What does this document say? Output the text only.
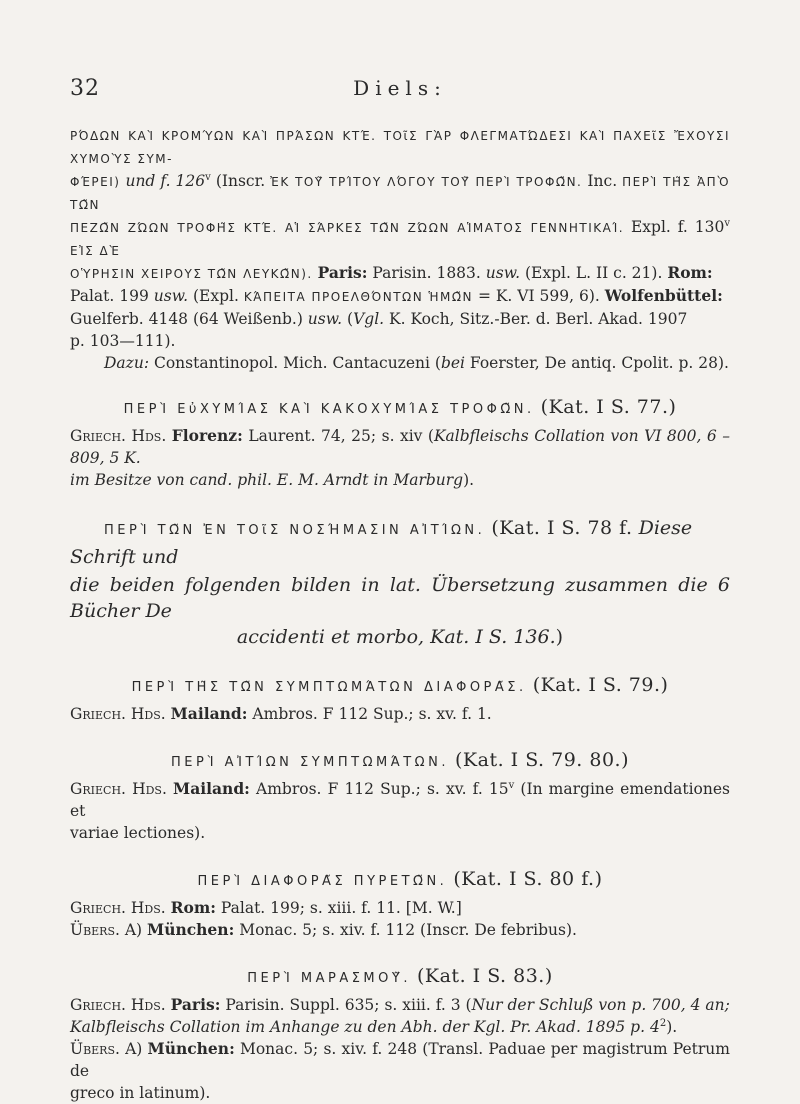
32	Diels:

ΡΌΔΩΝ ΚΑῚ ΚΡΟΜΎΩΝ ΚΑῚ ΠΡΆΣΩΝ ΚΤΈ. ΤΟῖΣ ΓᾺΡ ΦΛΕΓΜΑΤΏΔΕΣΙ ΚΑῚ ΠΑΧΕῖΣ ἜΧΟΥΣΙ ΧΥΜΟῪΣ ΣΥΜ-

ΦΈΡΕΙ) und f. 126$^v$ (Inscr. ἘΚ ΤΟΥ͂ ΤΡΊΤΟΥ ΛΌΓΟΥ ΤΟΥ͂ ΠΕΡῚ ΤΡΟΦΩ͂Ν. Inc. ΠΕΡῚ ΤΗ͂Σ ἈΠῸ ΤΩ͂Ν

ΠΕΖΩ͂Ν ΖΏΩΝ ΤΡΟΦΗ͂Σ ΚΤΈ. ΑἹ ΣΆΡΚΕΣ ΤΩ͂Ν ΖΏΩΝ ΑἹΜΑΤΟΣ ΓΕΝΝΗΤΙΚΑΊ. Expl. f. 130$^v$ ΕἸΣ ΔῈ

ΟὙΡΗΣΙΝ ΧΕΙΡΟΥΣ ΤΩ͂Ν ΛΕΥΚΩ͂Ν). Paris: Parisin. 1883. usw. (Expl. L. II c. 21). Rom:

Palat. 199 usw. (Expl. ΚΆΠΕΙΤΑ ΠΡΟΕΛΘΌΝΤΩΝ ἩΜΩ͂Ν = K. VI 599, 6). Wolfenbüttel:

Guelferb. 4148 (64 Weißenb.) usw. (Vgl. K. Koch, Sitz.-Ber. d. Berl. Akad. 1907

p. 103—111).

Dazu: Constantinopol. Mich. Cantacuzeni (bei Foerster, De antiq. Cpolit. p. 28).

ΠΕΡῚ ΕὐΧΥΜΊΑΣ ΚΑῚ ΚΑΚΟΧΥΜΊΑΣ ΤΡΟΦΩ͂Ν. (Kat. I S. 77.)

Griech. Hds. Florenz: Laurent. 74, 25; s. xiv (Kalbfleischs Collation von VI 800, 6 – 809, 5 K.

im Besitze von cand. phil. E. M. Arndt in Marburg).

ΠΕΡῚ ΤΩ͂Ν ἘΝ ΤΟῖΣ ΝΟΣΉΜΑΣΙΝ ΑἸΤΊΩΝ. (Kat. I S. 78 f. Diese Schrift und

die beiden folgenden bilden in lat. Übersetzung zusammen die 6 Bücher De

accidenti et morbo, Kat. I S. 136.)

ΠΕΡῚ ΤΗ͂Σ ΤΩ͂Ν ΣΥΜΠΤΩΜΆΤΩΝ ΔΙΑΦΟΡΑ͂Σ. (Kat. I S. 79.)

Griech. Hds. Mailand: Ambros. F 112 Sup.; s. xv. f. 1.

ΠΕΡῚ ΑἸΤΊΩΝ ΣΥΜΠΤΩΜΆΤΩΝ. (Kat. I S. 79. 80.)

Griech. Hds. Mailand: Ambros. F 112 Sup.; s. xv. f. 15$^v$ (In margine emendationes et

variae lectiones).

ΠΕΡῚ ΔΙΑΦΟΡΑ͂Σ ΠΥΡΕΤΩ͂Ν. (Kat. I S. 80 f.)

Griech. Hds. Rom: Palat. 199; s. xiii. f. 11. [M. W.]

Übers. A) München: Monac. 5; s. xiv. f. 112 (Inscr. De febribus).

ΠΕΡῚ ΜΑΡΑΣΜΟΥ͂. (Kat. I S. 83.)

Griech. Hds. Paris: Parisin. Suppl. 635; s. xiii. f. 3 (Nur der Schluß von p. 700, 4 an;

Kalbfleischs Collation im Anhange zu den Abh. der Kgl. Pr. Akad. 1895 p. $4^2$).

Übers. A) München: Monac. 5; s. xiv. f. 248 (Transl. Paduae per magistrum Petrum de

greco in latinum).
